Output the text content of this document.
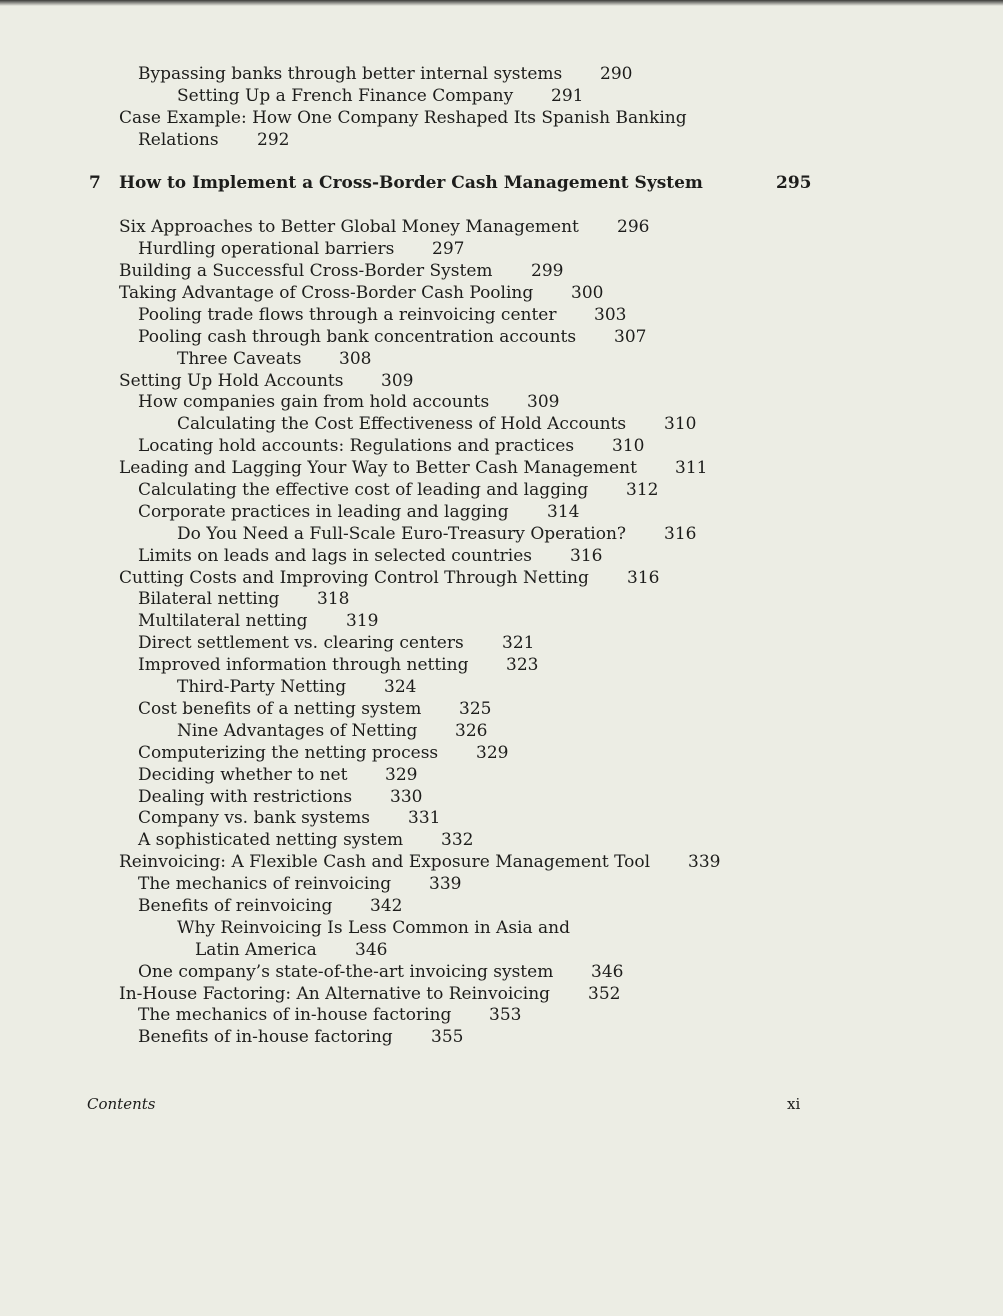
Bypassing banks through better internal systems 290
Setting Up a French Finance Company 291
Case Example: How One Company Reshaped Its Spanish Banking
Relations 292
7 How to Implement a Cross-Border Cash Management System	295
Six Approaches to Better Global Money Management 296
Hurdling operational barriers 297
Building a Successful Cross-Border System 299
Taking Advantage of Cross-Border Cash Pooling 300
Pooling trade flows through a reinvoicing center 303
Pooling cash through bank concentration accounts 307
Three Caveats 308
Setting Up Hold Accounts 309
How companies gain from hold accounts 309
Calculating the Cost Effectiveness of Hold Accounts 310
Locating hold accounts: Regulations and practices 310
Leading and Lagging Your Way to Better Cash Management 311
Calculating the effective cost of leading and lagging 312
Corporate practices in leading and lagging 314
Do You Need a Full-Scale Euro-Treasury Operation? 316
Limits on leads and lags in selected countries 316
Cutting Costs and Improving Control Through Netting 316
Bilateral netting 318
Multilateral netting 319
Direct settlement vs. clearing centers 321
Improved information through netting 323
Third-Party Netting 324
Cost benefits of a netting system 325
Nine Advantages of Netting 326
Computerizing the netting process 329
Deciding whether to net 329
Dealing with restrictions 330
Company vs. bank systems 331
A sophisticated netting system 332
Reinvoicing: A Flexible Cash and Exposure Management Tool 339
The mechanics of reinvoicing 339
Benefits of reinvoicing 342
Why Reinvoicing Is Less Common in Asia and
Latin America 346
One company’s state-of-the-art invoicing system 346
In-House Factoring: An Alternative to Reinvoicing 352
The mechanics of in-house factoring 353
Benefits of in-house factoring 355
Contents	xi
